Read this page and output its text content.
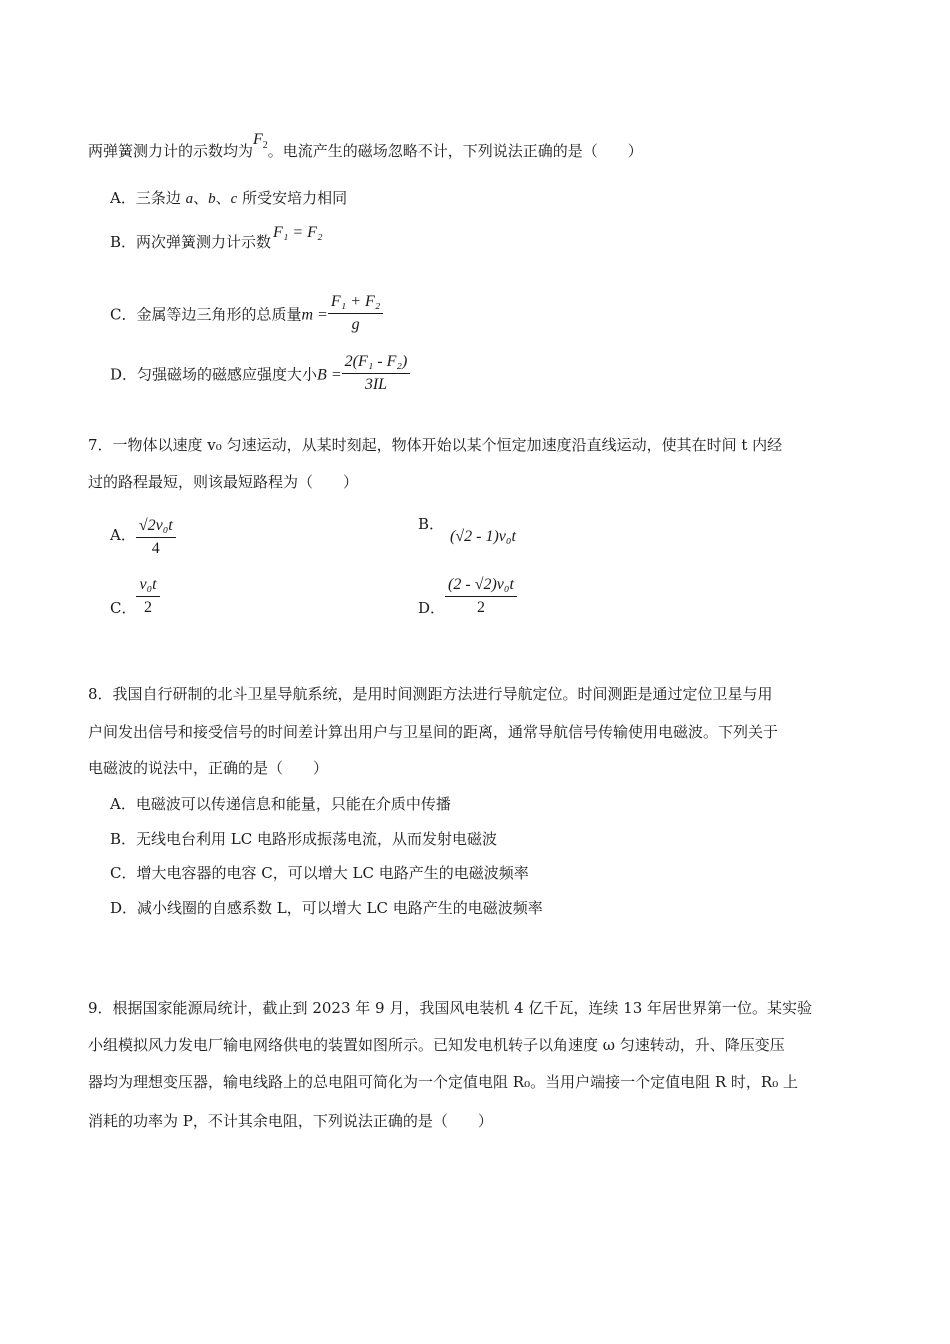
两弹簧测力计的示数均为$F_2$。电流产生的磁场忽略不计，下列说法正确的是（　　）
A．三条边 a、b、c 所受安培力相同
B．两次弹簧测力计示数F₁ = F₂
C．金属等边三角形的总质量$m = \frac{\text{F₁ + F₂}}{g}$
D．匀强磁场的磁感应强度大小$B = \frac{\text{2(F₁ - F₂)}}{3IL}$
7．一物体以速度 v₀ 匀速运动，从某时刻起，物体开始以某个恒定加速度沿直线运动，使其在时间 t 内经
过的路程最短，则该最短路程为（　　）
A． $\frac{\text{√2v₀t}}{4}$	B．(√2 - 1)v₀t
C． $\frac{\text{v₀t}}{2}$	D． $\frac{\text{(2 - √2)v₀t}}{2}$
8．我国自行研制的北斗卫星导航系统，是用时间测距方法进行导航定位。时间测距是通过定位卫星与用
户间发出信号和接受信号的时间差计算出用户与卫星间的距离，通常导航信号传输使用电磁波。下列关于
电磁波的说法中，正确的是（　　）
A．电磁波可以传递信息和能量，只能在介质中传播
B．无线电台利用 LC 电路形成振荡电流，从而发射电磁波
C．增大电容器的电容 C，可以增大 LC 电路产生的电磁波频率
D．减小线圈的自感系数 L，可以增大 LC 电路产生的电磁波频率
9．根据国家能源局统计，截止到 2023 年 9 月，我国风电装机 4 亿千瓦，连续 13 年居世界第一位。某实验
小组模拟风力发电厂输电网络供电的装置如图所示。已知发电机转子以角速度 ω 匀速转动，升、降压变压
器均为理想变压器，输电线路上的总电阻可简化为一个定值电阻 R₀。当用户端接一个定值电阻 R 时，R₀ 上
消耗的功率为 P，不计其余电阻，下列说法正确的是（　　）
